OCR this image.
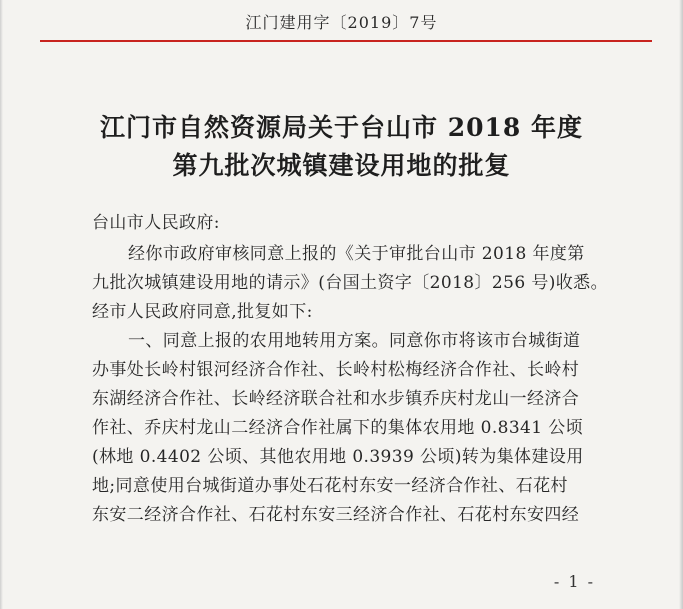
江门建用字〔2019〕7号
江门市自然资源局关于台山市 2018 年度
第九批次城镇建设用地的批复
台山市人民政府:
经你市政府审核同意上报的《关于审批台山市 2018 年度第
九批次城镇建设用地的请示》(台国土资字〔2018〕256 号)收悉。
经市人民政府同意,批复如下:
一、同意上报的农用地转用方案。同意你市将该市台城街道
办事处长岭村银河经济合作社、长岭村松梅经济合作社、长岭村
东湖经济合作社、长岭经济联合社和水步镇乔庆村龙山一经济合
作社、乔庆村龙山二经济合作社属下的集体农用地 0.8341 公顷
(林地 0.4402 公顷、其他农用地 0.3939 公顷)转为集体建设用
地;同意使用台城街道办事处石花村东安一经济合作社、石花村
东安二经济合作社、石花村东安三经济合作社、石花村东安四经
- 1 -
